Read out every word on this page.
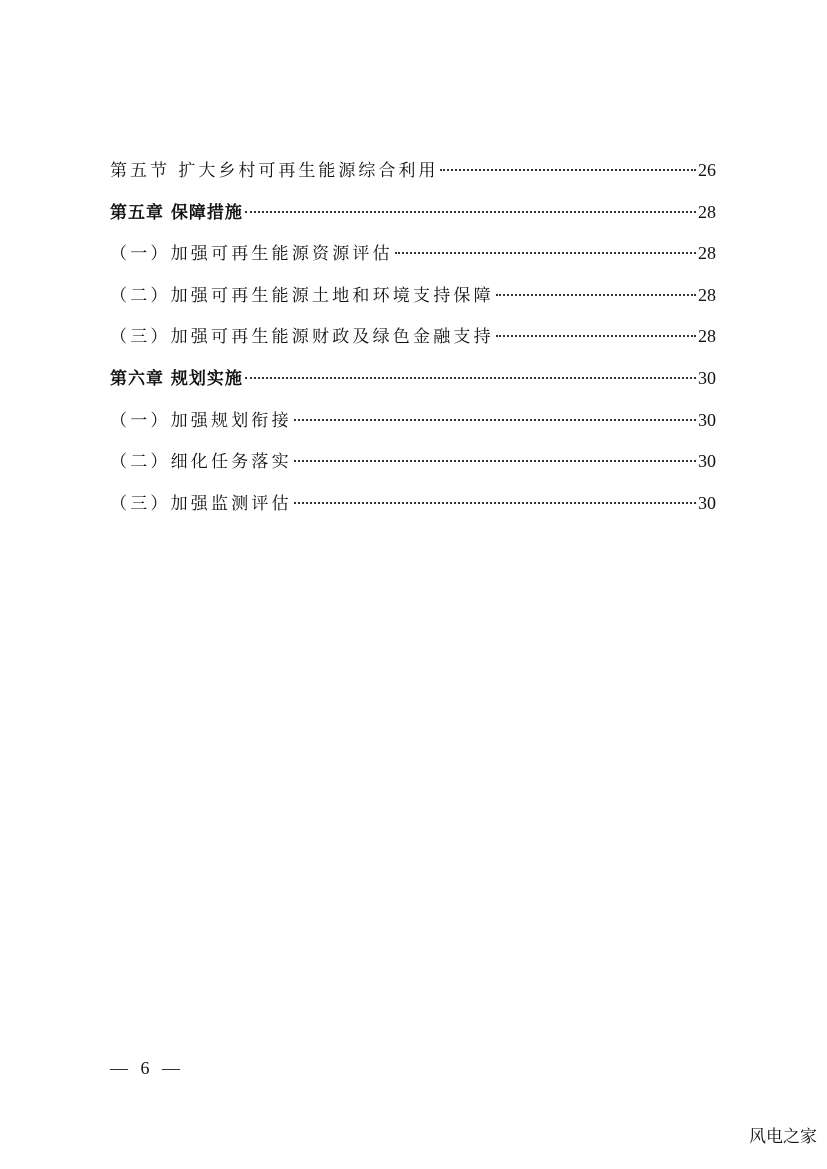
第五节 扩大乡村可再生能源综合利用	26
第五章 保障措施	28
（一）加强可再生能源资源评估	28
（二）加强可再生能源土地和环境支持保障	28
（三）加强可再生能源财政及绿色金融支持	28
第六章 规划实施	30
（一）加强规划衔接	30
（二）细化任务落实	30
（三）加强监测评估	30
— 6 —
风电之家
